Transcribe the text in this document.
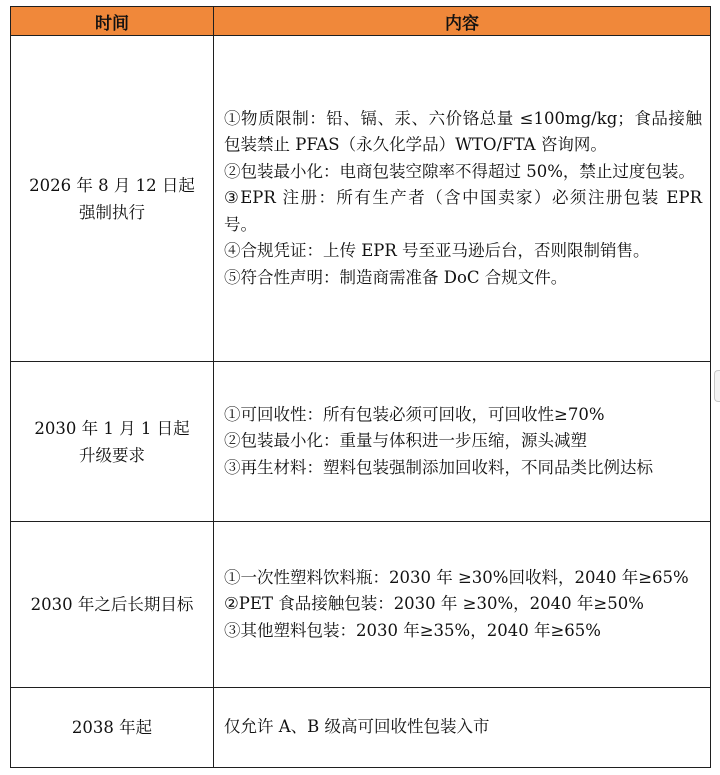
时间	内容
2026 年 8 月 12 日起强制执行	①物质限制：铅、镉、汞、六价铬总量 ≤100mg/kg；食品接触包装禁止 PFAS（永久化学品）WTO/FTA 咨询网。
②包装最小化：电商包装空隙率不得超过 50%，禁止过度包装。
③EPR 注册：所有生产者（含中国卖家）必须注册包装 EPR 号。
④合规凭证：上传 EPR 号至亚马逊后台，否则限制销售。
⑤符合性声明：制造商需准备 DoC 合规文件。

2030 年 1 月 1 日起升级要求	①可回收性：所有包装必须可回收，可回收性≥70%
②包装最小化：重量与体积进一步压缩，源头减塑
③再生材料：塑料包装强制添加回收料，不同品类比例达标

2030 年之后长期目标	①一次性塑料饮料瓶：2030 年 ≥30%回收料，2040 年≥65%
②PET 食品接触包装：2030 年 ≥30%，2040 年≥50%
③其他塑料包装：2030 年≥35%，2040 年≥65%

2038 年起	仅允许 A、B 级高可回收性包装入市
